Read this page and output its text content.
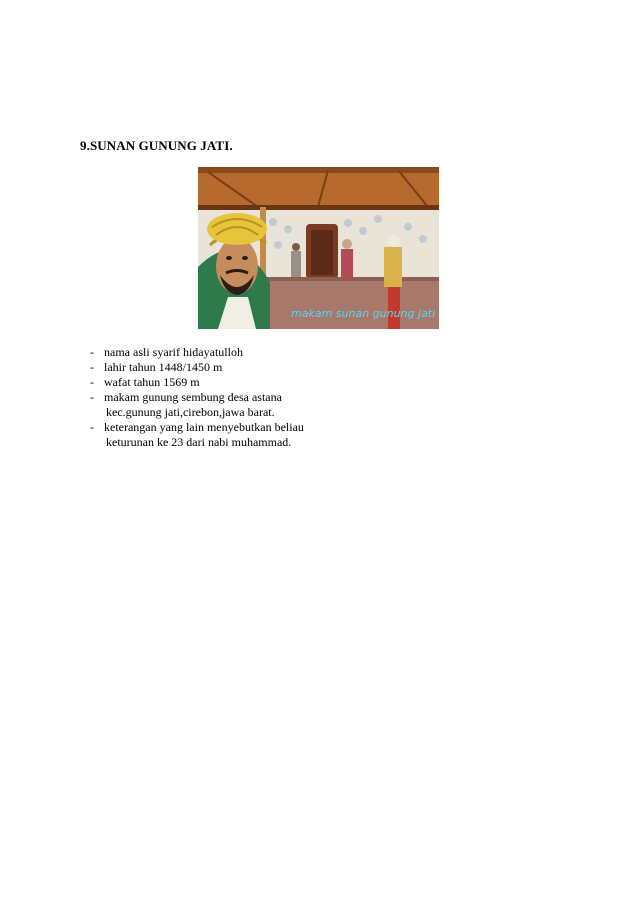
9.SUNAN GUNUNG JATI.
makam sunan gunung jati
- nama asli syarif hidayatulloh
- lahir tahun 1448/1450 m
- wafat tahun 1569 m
- makam gunung sembung desa astana
kec.gunung jati,cirebon,jawa barat.
- keterangan yang lain menyebutkan beliau
keturunan ke 23 dari nabi muhammad.
